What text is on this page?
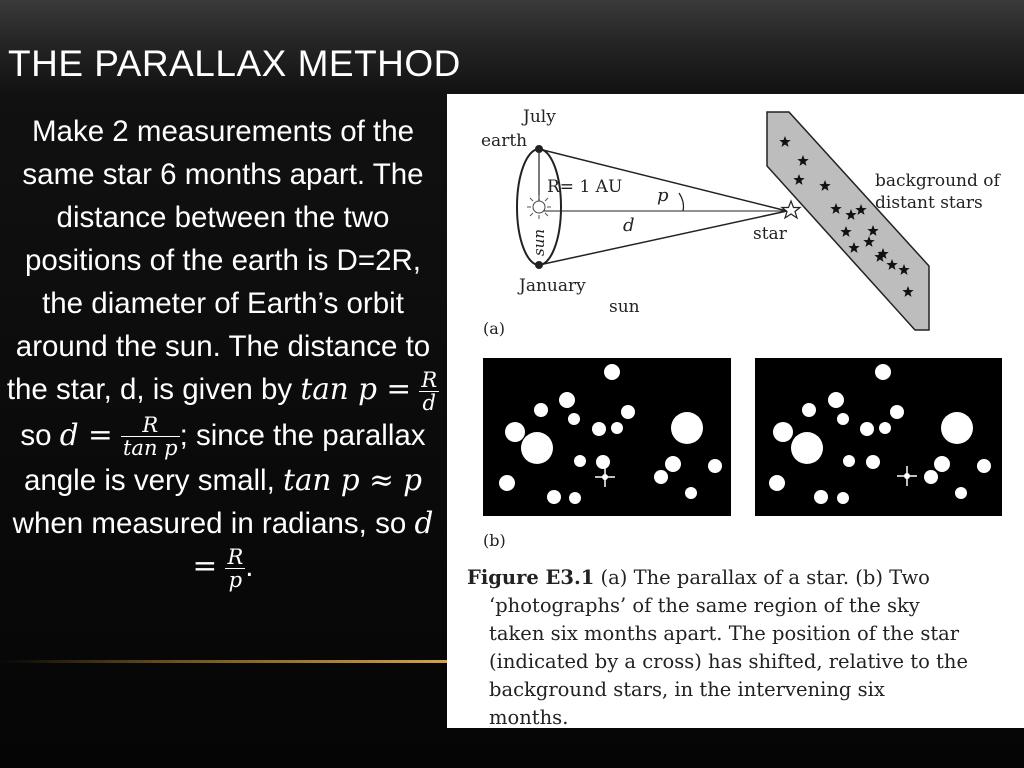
THE PARALLAX METHOD
Make 2 measurements of the same star 6 months apart. The distance between the two positions of the earth is D=2R, the diameter of Earth’s orbit around the sun. The distance to the star, d, is given by $\tan p = \frac{R}{d}$
so $d = \frac{R}{\text{tan p}}$ ; since the parallax angle is very small, tan p ≈ p when measured in radians, so $d = \frac{R}{p}$ .
July
earth
R= 1 AU p
d
sun
January
sun
star
background of
distant stars
(a)
(b)
Figure E3.1 (a) The parallax of a star. (b) Two
‘photographs’ of the same region of the sky
taken six months apart. The position of the star
(indicated by a cross) has shifted, relative to the
background stars, in the intervening six
months.
